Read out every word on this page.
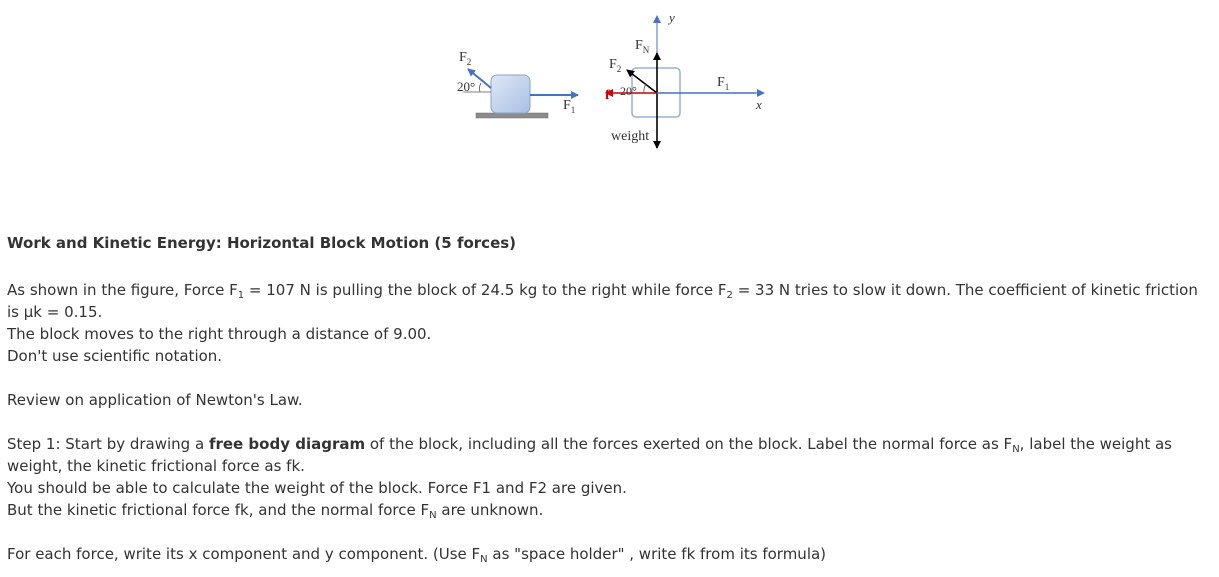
$F_2$
20°
$F_1$
y
x
$F_N$
$F_2$
20°
f
$F_1$
weight
Work and Kinetic Energy: Horizontal Block Motion (5 forces)
As shown in the figure, Force $F_1 = 107$ N is pulling the block of 24.5 kg to the right while force $F_2 = 33$ N tries to slow it down. The coefficient of kinetic friction is μk = 0.15.
The block moves to the right through a distance of 9.00.
Don't use scientific notation.
Review on application of Newton's Law.
Step 1: Start by drawing a free body diagram of the block, including all the forces exerted on the block. Label the normal force as $F_N$, label the weight as weight, the kinetic frictional force as fk.
You should be able to calculate the weight of the block. Force F1 and F2 are given.
But the kinetic frictional force fk, and the normal force $F_N$ are unknown.
For each force, write its x component and y component. (Use $F_N$ as "space holder" , write fk from its formula)
